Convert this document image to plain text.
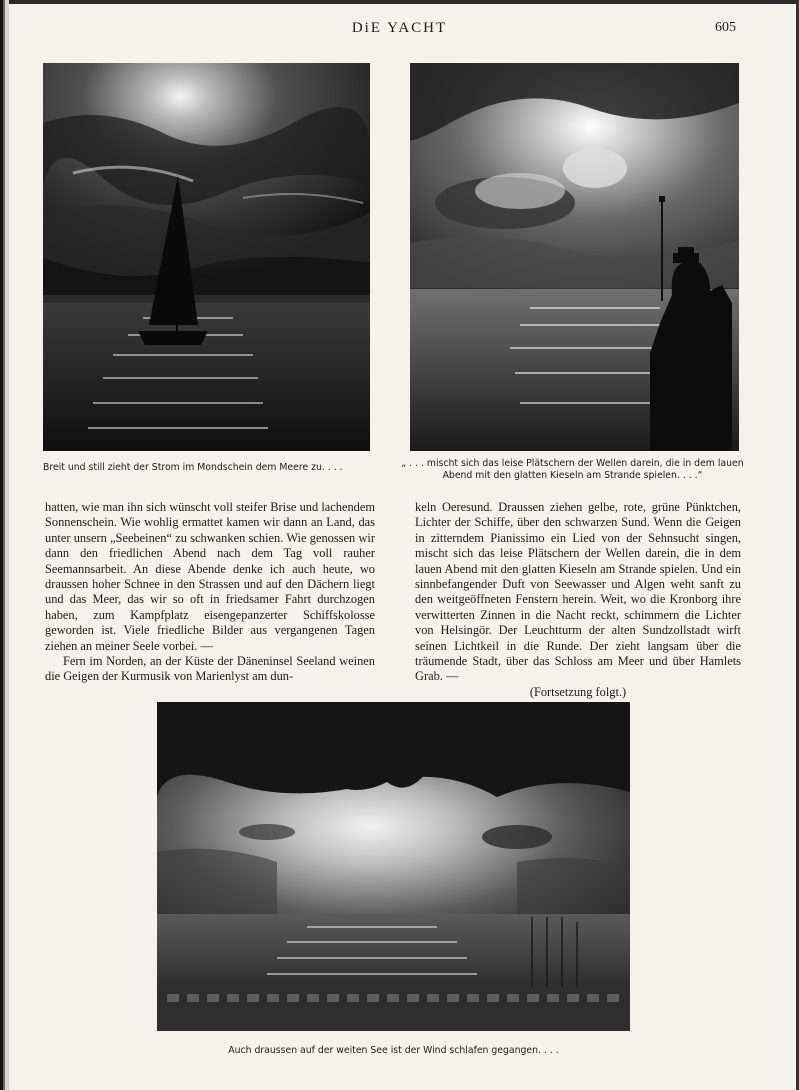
DiE YACHT	605
Breit und still zieht der Strom im Mondschein dem Meere zu. . . .	„ . . . mischt sich das leise Plätschern der Wellen darein, die in dem lauen Abend mit den glatten Kieseln am Strande spielen. . . .“

hatten, wie man ihn sich wünscht voll steifer Brise und lachendem Sonnenschein. Wie wohlig ermattet kamen wir dann an Land, das unter unsern „Seebeinen“ zu schwanken schien. Wie genossen wir dann den friedlichen Abend nach dem Tag voll rauher Seemannsarbeit. An diese Abende denke ich auch heute, wo draussen hoher Schnee in den Strassen und auf den Dächern liegt und das Meer, das wir so oft in friedsamer Fahrt durchzogen haben, zum Kampfplatz eisengepanzerter Schiffskolosse geworden ist. Viele friedliche Bilder aus vergangenen Tagen ziehen an meiner Seele vorbei. —

Fern im Norden, an der Küste der Däneninsel Seeland weinen die Geigen der Kurmusik von Marienlyst am dun-

keln Oeresund. Draussen ziehen gelbe, rote, grüne Pünktchen, Lichter der Schiffe, über den schwarzen Sund. Wenn die Geigen in zitterndem Pianissimo ein Lied von der Sehnsucht singen, mischt sich das leise Plätschern der Wellen darein, die in dem lauen Abend mit den glatten Kieseln am Strande spielen. Und ein sinnbefangender Duft von Seewasser und Algen weht sanft zu den weitgeöffneten Fenstern herein. Weit, wo die Kronborg ihre verwitterten Zinnen in die Nacht reckt, schimmern die Lichter von Helsingör. Der Leuchtturm der alten Sundzollstadt wirft seinen Lichtkeil in die Runde. Der zieht langsam über die träumende Stadt, über das Schloss am Meer und über Hamlets Grab. —

(Fortsetzung folgt.)

Auch draussen auf der weiten See ist der Wind schlafen gegangen. . . .
